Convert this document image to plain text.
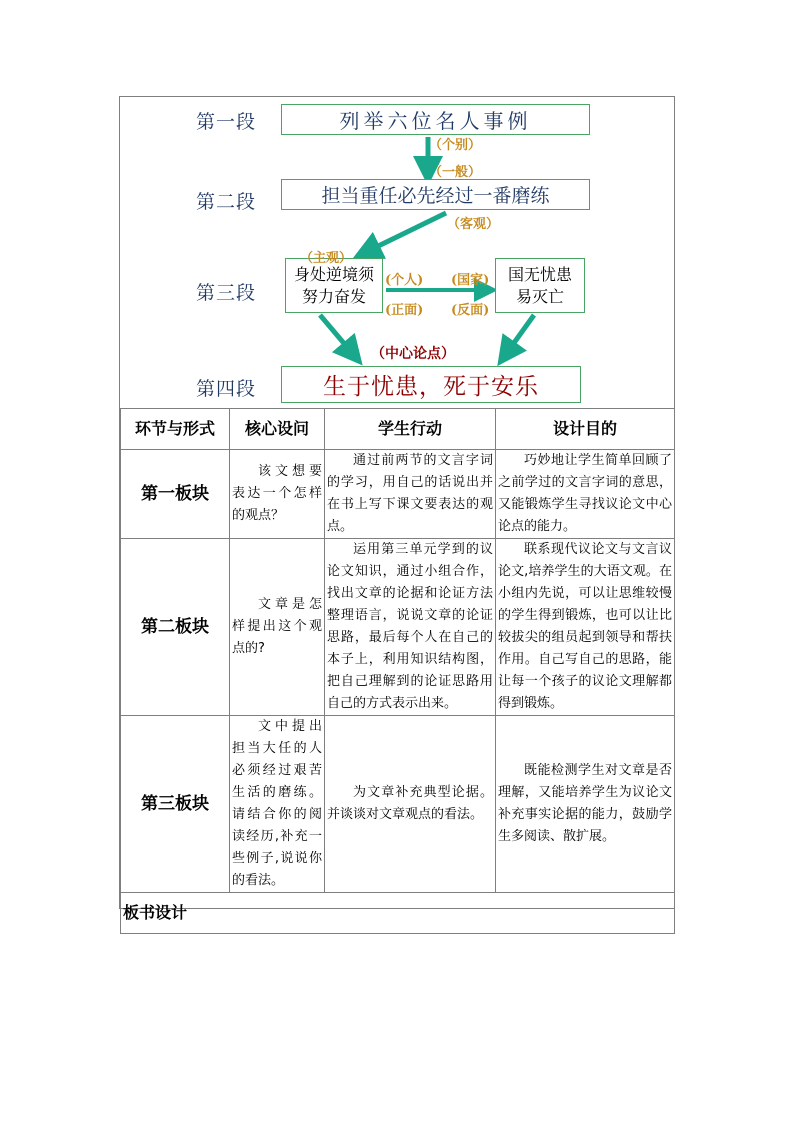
第一段
第二段
第三段
第四段
列举六位名人事例
担当重任必先经过一番磨练
身处逆境须努力奋发
国无忧患易灭亡
生于忧患，死于安乐
（个别）
（一般）
（客观）
（主观）
(个人)
(正面)
(国家)
(反面)
（中心论点）
环节与形式	核心设问	学生行动	设计目的
第一板块	该文想要表达一个怎样的观点？	通过前两节的文言字词的学习，用自己的话说出并在书上写下课文要表达的观点。	巧妙地让学生简单回顾了之前学过的文言字词的意思，又能锻炼学生寻找议论文中心论点的能力。

第二板块	文章是怎样提出这个观点的?	运用第三单元学到的议论文知识，通过小组合作，找出文章的论据和论证方法整理语言，说说文章的论证思路，最后每个人在自己的本子上，利用知识结构图，把自己理解到的论证思路用自己的方式表示出来。	联系现代议论文与文言议论文,培养学生的大语文观。在小组内先说，可以让思维较慢的学生得到锻炼，也可以让比较拔尖的组员起到领导和帮扶作用。自己写自己的思路，能让每一个孩子的议论文理解都得到锻炼。

第三板块	文中提出担当大任的人必须经过艰苦生活的磨练。请结合你的阅读经历,补充一些例子,说说你的看法。	为文章补充典型论据。并谈谈对文章观点的看法。	既能检测学生对文章是否理解，又能培养学生为议论文补充事实论据的能力，鼓励学生多阅读、散扩展。

板书设计			
